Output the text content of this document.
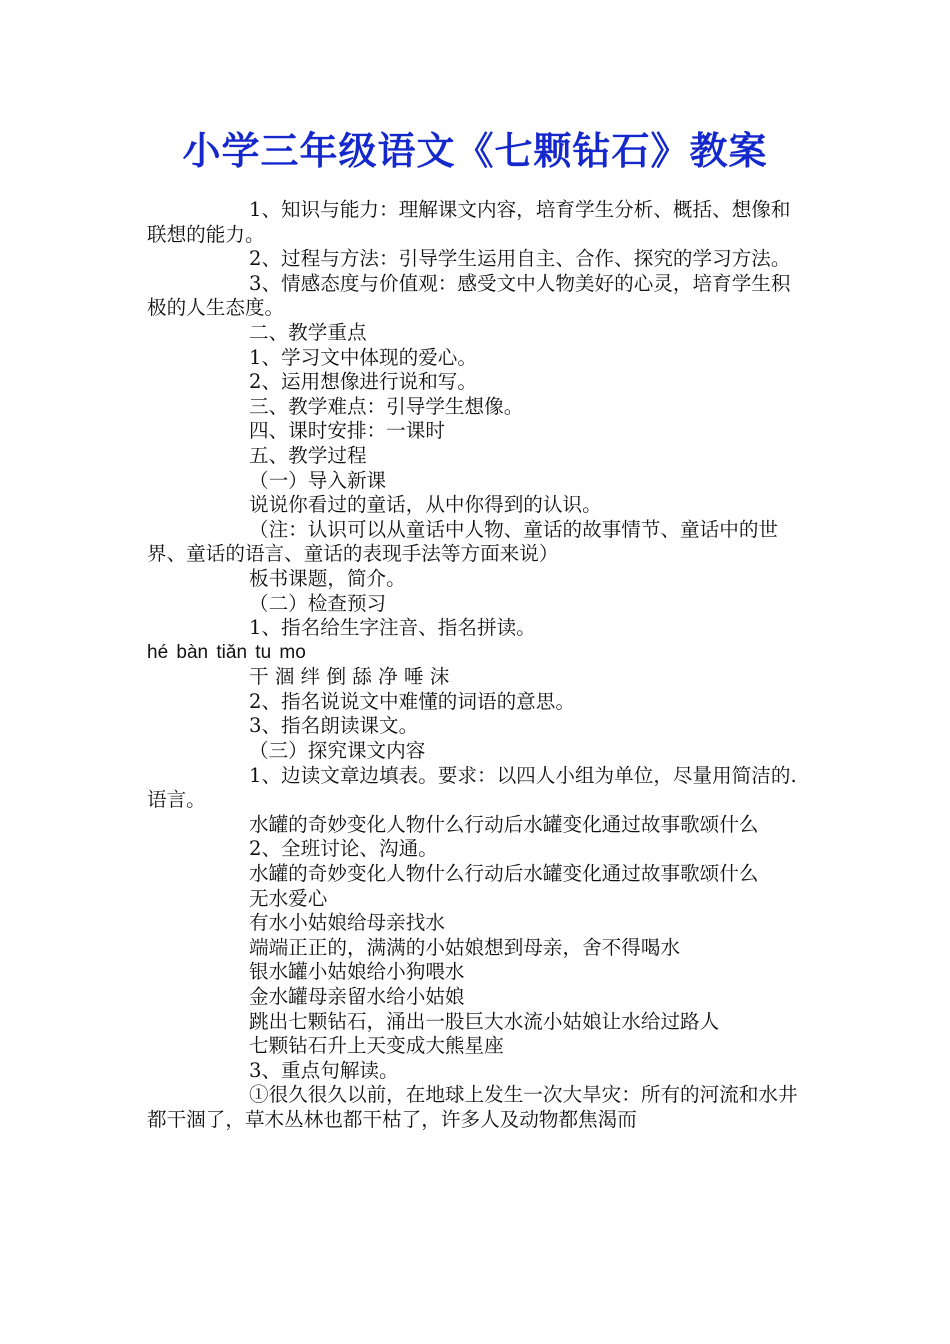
小学三年级语文《七颗钻石》教案

1、知识与能力：理解课文内容，培育学生分析、概括、想像和联想的能力。

2、过程与方法：引导学生运用自主、合作、探究的学习方法。

3、情感态度与价值观：感受文中人物美好的心灵，培育学生积极的人生态度。

二、教学重点

1、学习文中体现的爱心。

2、运用想像进行说和写。

三、教学难点：引导学生想像。

四、课时安排：一课时

五、教学过程

（一）导入新课

说说你看过的童话，从中你得到的认识。

（注：认识可以从童话中人物、童话的故事情节、童话中的世界、童话的语言、童话的表现手法等方面来说）

板书课题，简介。

（二）检查预习

1、指名给生字注音、指名拼读。

hé bàn tiǎn tu mo

干 涸 绊 倒 舔 净 唾 沫

2、指名说说文中难懂的词语的意思。

3、指名朗读课文。

（三）探究课文内容

1、边读文章边填表。要求：以四人小组为单位，尽量用简洁的.语言。

水罐的奇妙变化人物什么行动后水罐变化通过故事歌颂什么

2、全班讨论、沟通。

水罐的奇妙变化人物什么行动后水罐变化通过故事歌颂什么

无水爱心

有水小姑娘给母亲找水

端端正正的，满满的小姑娘想到母亲，舍不得喝水

银水罐小姑娘给小狗喂水

金水罐母亲留水给小姑娘

跳出七颗钻石，涌出一股巨大水流小姑娘让水给过路人

七颗钻石升上天变成大熊星座

3、重点句解读。

①很久很久以前，在地球上发生一次大旱灾：所有的河流和水井都干涸了，草木丛林也都干枯了，许多人及动物都焦渴而
